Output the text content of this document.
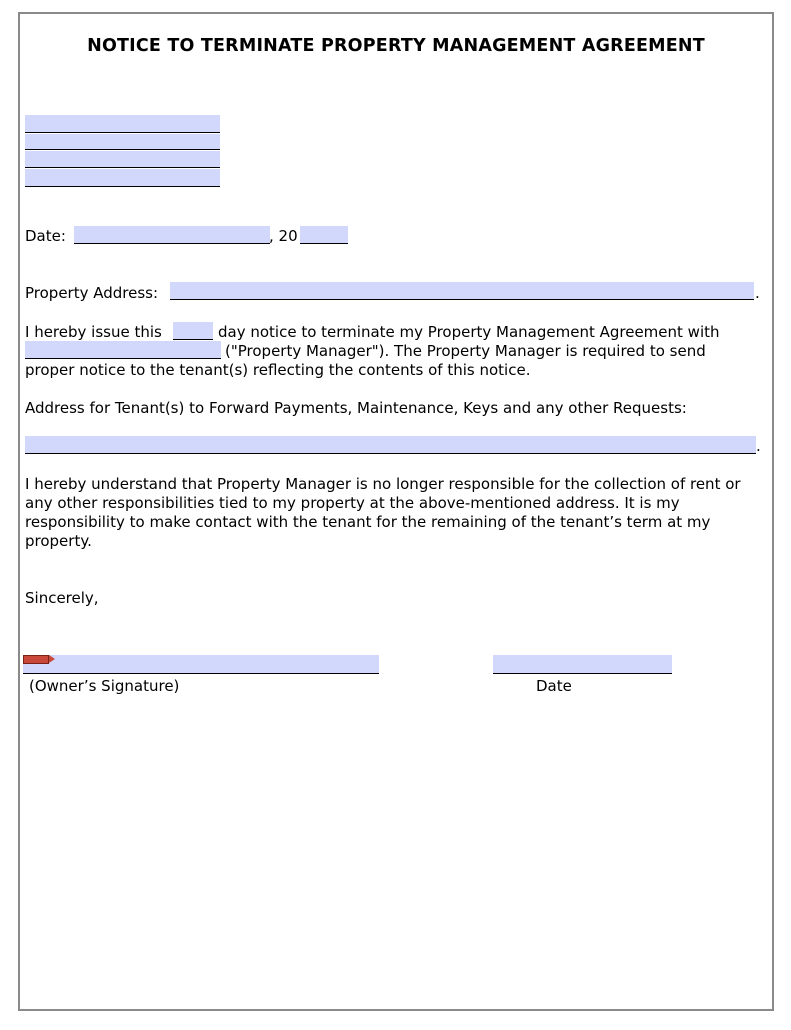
NOTICE TO TERMINATE PROPERTY MANAGEMENT AGREEMENT
Date:	, 20
Property Address:	.
I hereby issue this	day notice to terminate my Property Management Agreement with
("Property Manager"). The Property Manager is required to send
proper notice to the tenant(s) reflecting the contents of this notice.
Address for Tenant(s) to Forward Payments, Maintenance, Keys and any other Requests:
.
I hereby understand that Property Manager is no longer responsible for the collection of rent or
any other responsibilities tied to my property at the above-mentioned address. It is my
responsibility to make contact with the tenant for the remaining of the tenant’s term at my
property.
Sincerely,
(Owner’s Signature)	Date
